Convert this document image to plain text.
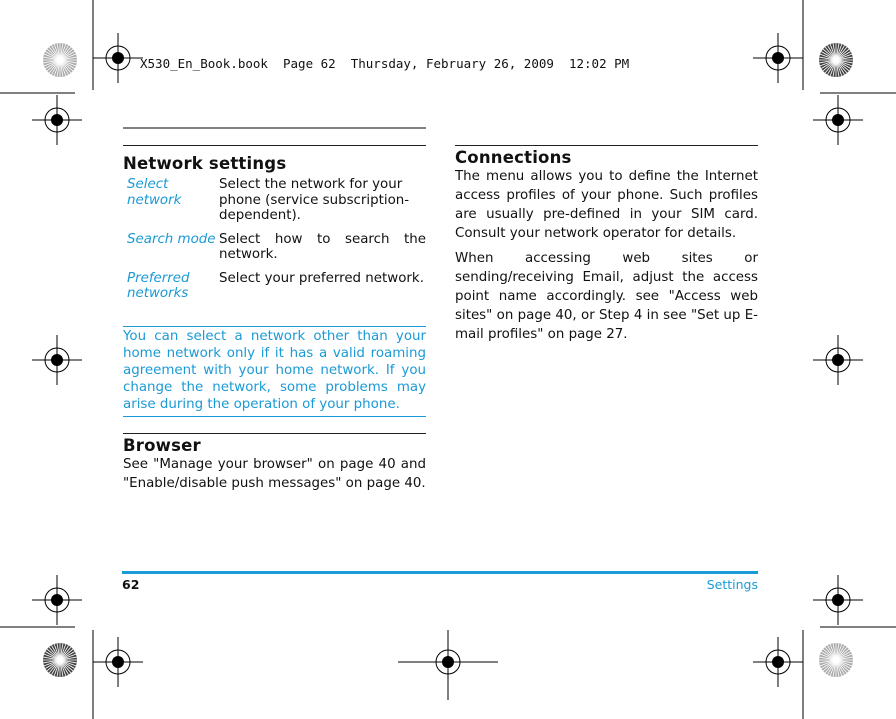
X530_En_Book.book  Page 62  Thursday, February 26, 2009  12:02 PM
Network settings
Select network
Select the network for your phone (service subscription-dependent).
Search mode Select how to search the network.
Preferred networks
Select your preferred network.
You can select a network other than your home network only if it has a valid roaming agreement with your home network. If you change the network, some problems may arise during the operation of your phone.
Browser

See "Manage your browser" on page 40 and "Enable/disable push messages" on page 40.

Connections

The menu allows you to define the Internet access profiles of your phone. Such profiles are usually pre-defined in your SIM card. Consult your network operator for details.

When accessing web sites or sending/receiving Email, adjust the access point name accordingly. see "Access web sites" on page 40, or Step 4 in see "Set up E-mail profiles" on page 27.

62	Settings
